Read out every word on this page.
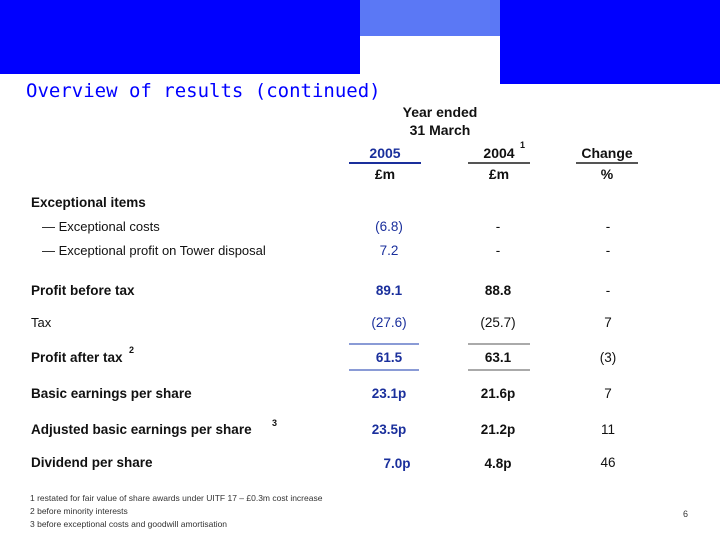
Overview of results (continued)
Year ended
31 March
2005
£m
2004 1
£m
Change
%
Exceptional items
— Exceptional costs	(6.8)	-	-
— Exceptional profit on Tower disposal	7.2	-	-
Profit before tax	89.1	88.8	-
Tax	(27.6)	(25.7)	7
Profit after tax 2	61.5	63.1	(3)
Basic earnings per share	23.1p	21.6p	7
Adjusted basic earnings per share 3	23.5p	21.2p	11
Dividend per share	7.0p	4.8p	46
1 restated for fair value of share awards under UITF 17 – £0.3m cost increase
2 before minority interests
3 before exceptional costs and goodwill amortisation
6
